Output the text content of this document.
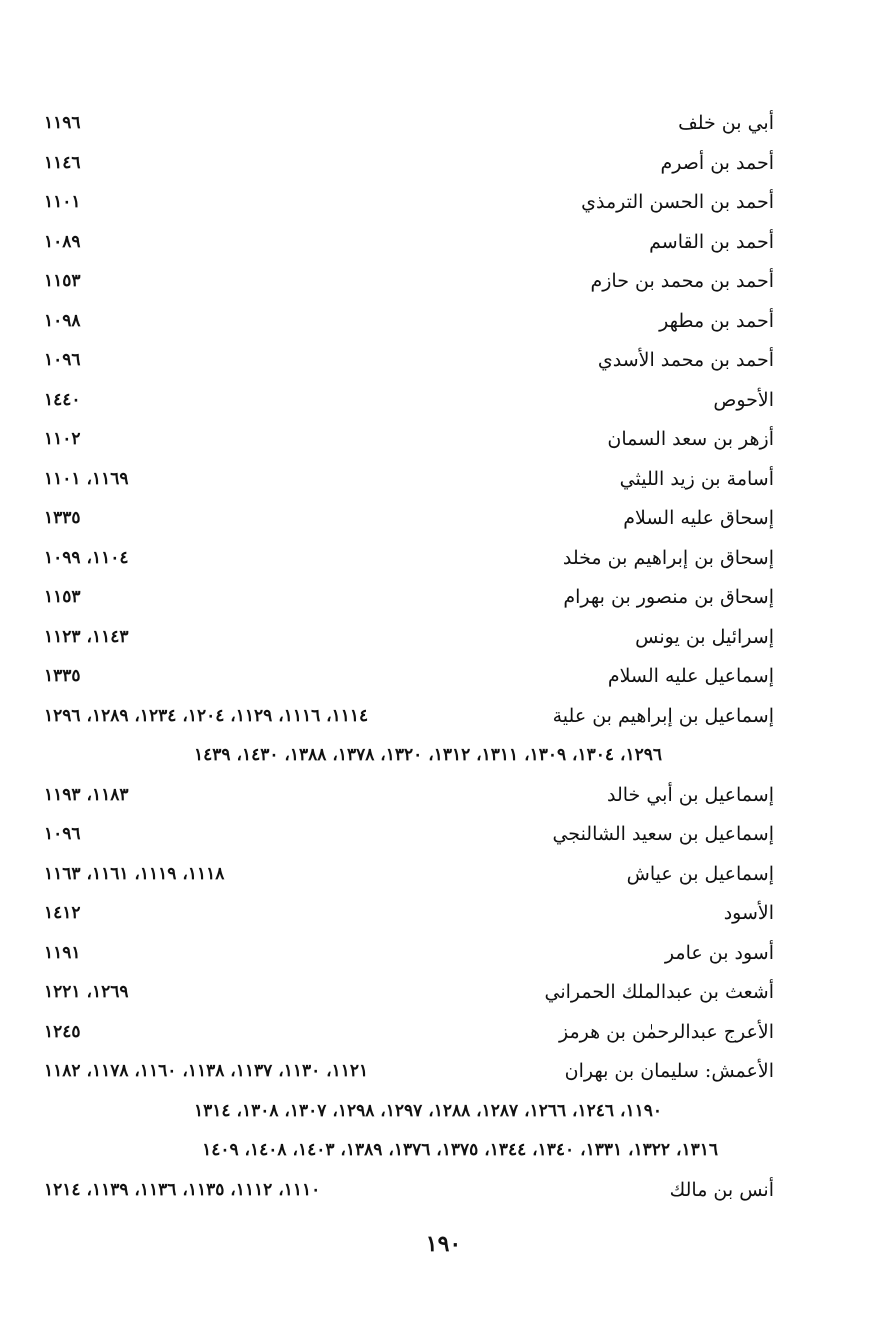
أبي بن خلف
١١٩٦
أحمد بن أصرم
١١٤٦
أحمد بن الحسن الترمذي
١١٠١
أحمد بن القاسم
١٠٨٩
أحمد بن محمد بن حازم
١١٥٣
أحمد بن مطهر
١٠٩٨
أحمد بن محمد الأسدي
١٠٩٦
الأحوص
١٤٤٠
أزهر بن سعد السمان
١١٠٢
أسامة بن زيد الليثي
١١٦٩، ١١٠١
إسحاق عليه السلام
١٣٣٥
إسحاق بن إبراهيم بن مخلد
١١٠٤، ١٠٩٩
إسحاق بن منصور بن بهرام
١١٥٣
إسرائيل بن يونس
١١٤٣، ١١٢٣
إسماعيل عليه السلام
١٣٣٥
إسماعيل بن إبراهيم بن علية
١١١٤، ١١١٦، ١١٢٩، ١٢٠٤، ١٢٣٤، ١٢٨٩، ١٢٩٦
١٢٩٦، ١٣٠٤، ١٣٠٩، ١٣١١، ١٣١٢، ١٣٢٠، ١٣٧٨، ١٣٨٨، ١٤٣٠، ١٤٣٩
إسماعيل بن أبي خالد
١١٨٣، ١١٩٣
إسماعيل بن سعيد الشالنجي
١٠٩٦
إسماعيل بن عياش
١١١٨، ١١١٩، ١١٦١، ١١٦٣
الأسود
١٤١٢
أسود بن عامر
١١٩١
أشعث بن عبدالملك الحمراني
١٢٦٩، ١٢٢١
الأعرج عبدالرحمٰن بن هرمز
١٢٤٥
الأعمش: سليمان بن بهران
١١٢١، ١١٣٠، ١١٣٧، ١١٣٨، ١١٦٠، ١١٧٨، ١١٨٢
١١٩٠، ١٢٤٦، ١٢٦٦، ١٢٨٧، ١٢٨٨، ١٢٩٧، ١٢٩٨، ١٣٠٧، ١٣٠٨، ١٣١٤
١٣١٦، ١٣٢٢، ١٣٣١، ١٣٤٠، ١٣٤٤، ١٣٧٥، ١٣٧٦، ١٣٨٩، ١٤٠٣، ١٤٠٨، ١٤٠٩
أنس بن مالك
١١١٠، ١١١٢، ١١٣٥، ١١٣٦، ١١٣٩، ١٢١٤
١٩٠
